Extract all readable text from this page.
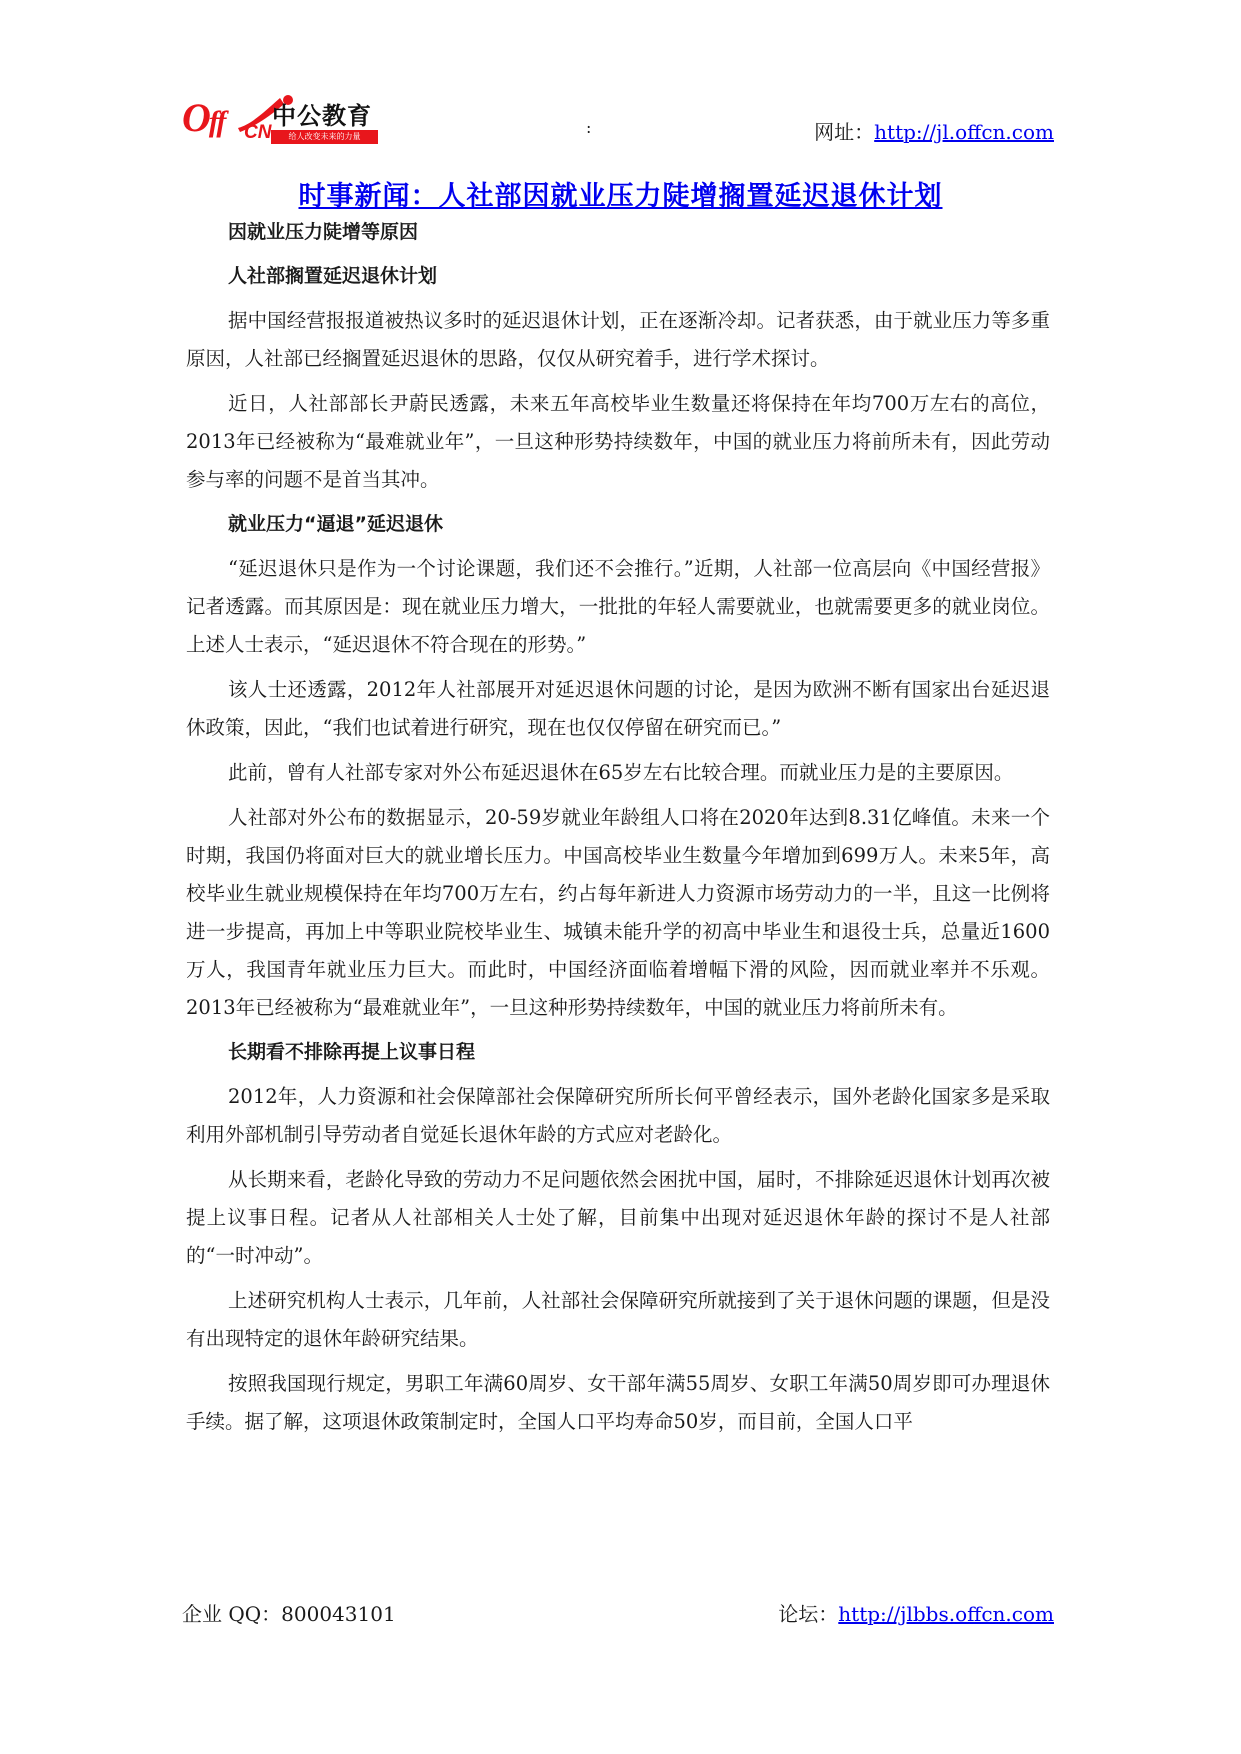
Off CN
中公教育
给人改变未来的力量	:	网址：http://jl.offcn.com
时事新闻：人社部因就业压力陡增搁置延迟退休计划

因就业压力陡增等原因

人社部搁置延迟退休计划

据中国经营报报道被热议多时的延迟退休计划，正在逐渐冷却。记者获悉，由于就业压力等多重原因，人社部已经搁置延迟退休的思路，仅仅从研究着手，进行学术探讨。

近日，人社部部长尹蔚民透露，未来五年高校毕业生数量还将保持在年均700万左右的高位，2013年已经被称为“最难就业年”，一旦这种形势持续数年，中国的就业压力将前所未有，因此劳动参与率的问题不是首当其冲。

就业压力“逼退”延迟退休

“延迟退休只是作为一个讨论课题，我们还不会推行。”近期，人社部一位高层向《中国经营报》记者透露。而其原因是：现在就业压力增大，一批批的年轻人需要就业，也就需要更多的就业岗位。上述人士表示，“延迟退休不符合现在的形势。”

该人士还透露，2012年人社部展开对延迟退休问题的讨论，是因为欧洲不断有国家出台延迟退休政策，因此，“我们也试着进行研究，现在也仅仅停留在研究而已。”

此前，曾有人社部专家对外公布延迟退休在65岁左右比较合理。而就业压力是的主要原因。

人社部对外公布的数据显示，20-59岁就业年龄组人口将在2020年达到8.31亿峰值。未来一个时期，我国仍将面对巨大的就业增长压力。中国高校毕业生数量今年增加到699万人。未来5年，高校毕业生就业规模保持在年均700万左右，约占每年新进人力资源市场劳动力的一半，且这一比例将进一步提高，再加上中等职业院校毕业生、城镇未能升学的初高中毕业生和退役士兵，总量近1600万人，我国青年就业压力巨大。而此时，中国经济面临着增幅下滑的风险，因而就业率并不乐观。2013年已经被称为“最难就业年”，一旦这种形势持续数年，中国的就业压力将前所未有。

长期看不排除再提上议事日程

2012年，人力资源和社会保障部社会保障研究所所长何平曾经表示，国外老龄化国家多是采取利用外部机制引导劳动者自觉延长退休年龄的方式应对老龄化。

从长期来看，老龄化导致的劳动力不足问题依然会困扰中国，届时，不排除延迟退休计划再次被提上议事日程。记者从人社部相关人士处了解，目前集中出现对延迟退休年龄的探讨不是人社部的“一时冲动”。

上述研究机构人士表示，几年前，人社部社会保障研究所就接到了关于退休问题的课题，但是没有出现特定的退休年龄研究结果。

按照我国现行规定，男职工年满60周岁、女干部年满55周岁、女职工年满50周岁即可办理退休手续。据了解，这项退休政策制定时，全国人口平均寿命50岁，而目前，全国人口平

企业 QQ：800043101	论坛：http://jlbbs.offcn.com
